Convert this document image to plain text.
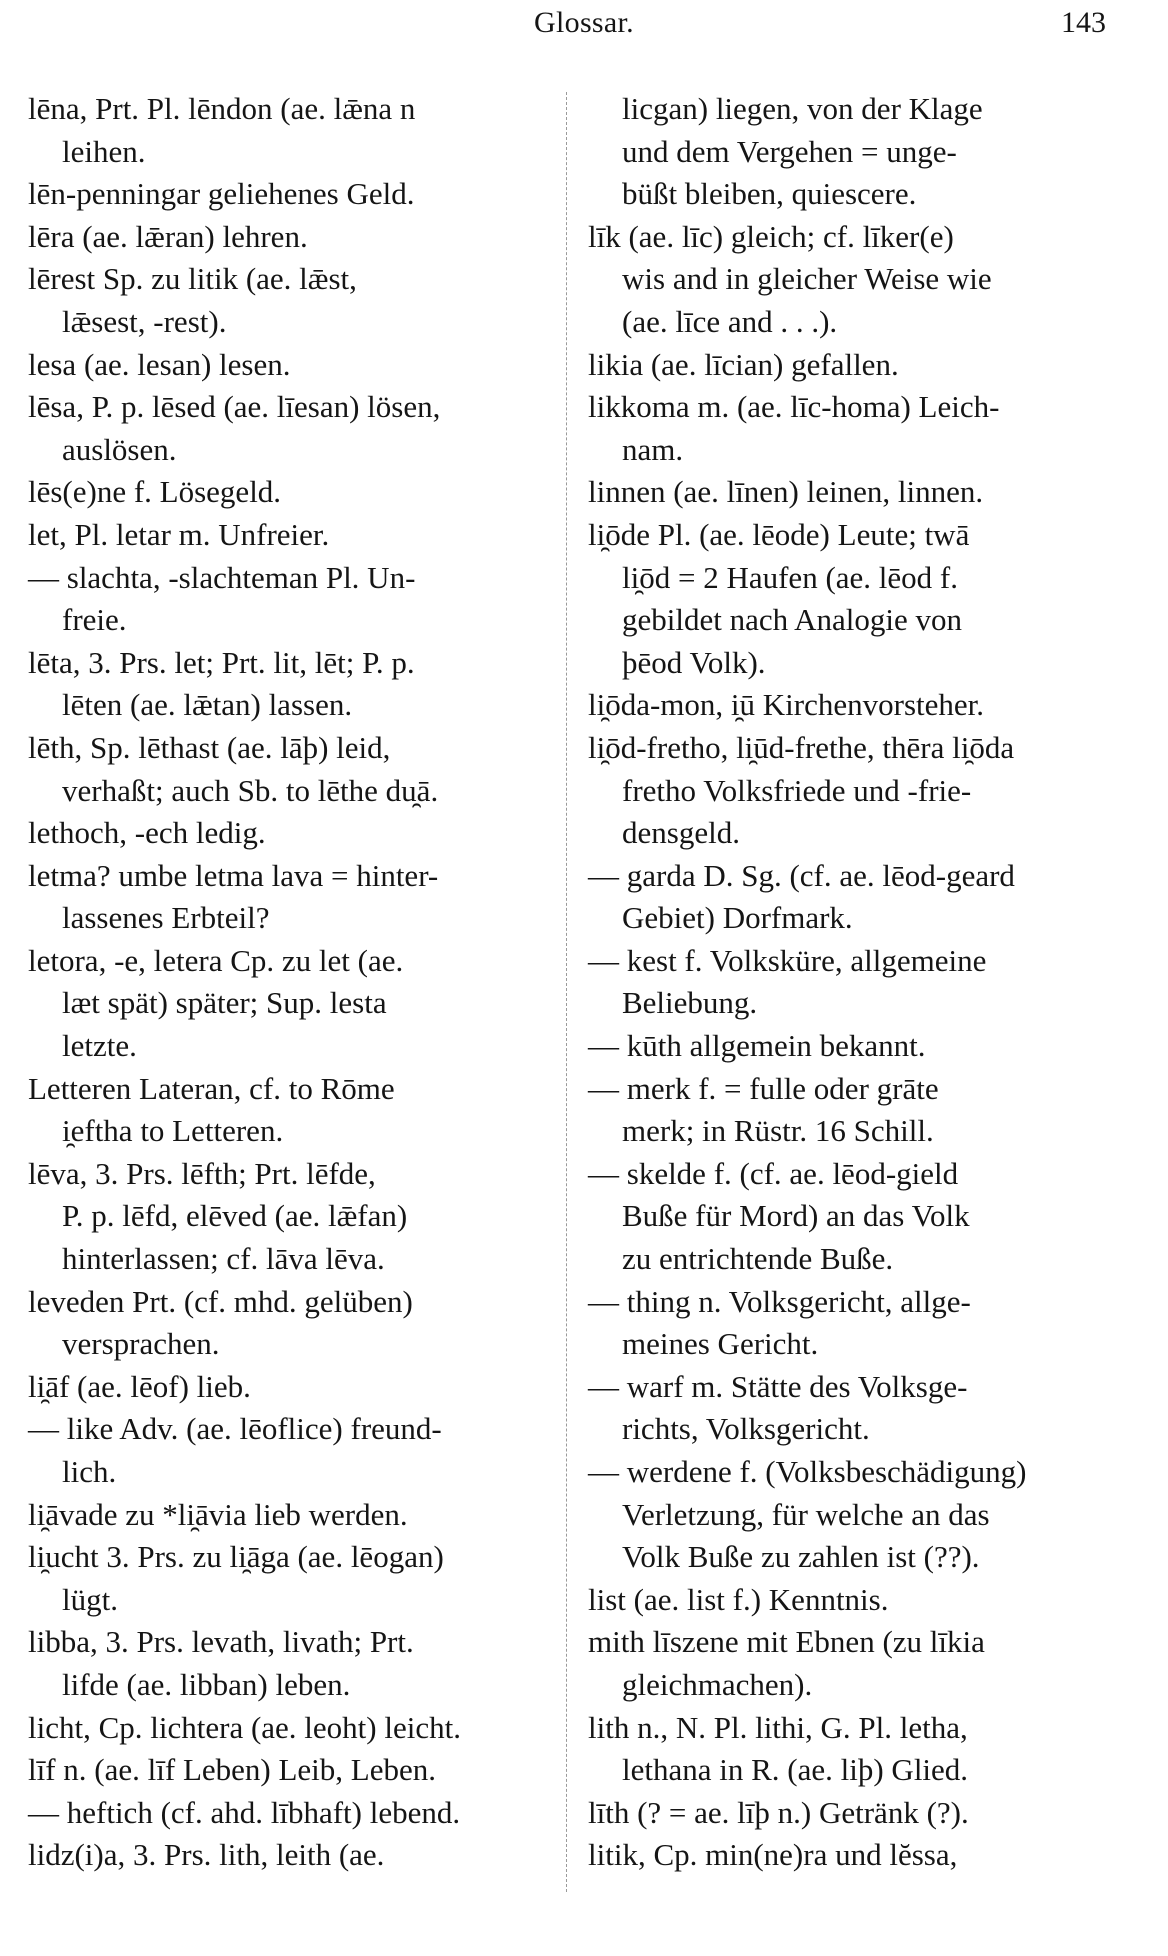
Glossar.	143
lēna, Prt. Pl. lēndon (ae. lǣna n
leihen.
lēn-penningar geliehenes Geld.
lēra (ae. lǣran) lehren.
lērest Sp. zu litik (ae. lǣst,
lǣsest, -rest).
lesa (ae. lesan) lesen.
lēsa, P. p. lēsed (ae. līesan) lösen,
auslösen.
lēs(e)ne f. Lösegeld.
let, Pl. letar m. Unfreier.
— slachta, -slachteman Pl. Un-
freie.
lēta, 3. Prs. let; Prt. lit, lēt; P. p.
lēten (ae. lǣtan) lassen.
lēth, Sp. lēthast (ae. lāþ) leid,
verhaßt; auch Sb. to lēthe du̯ā.
lethoch, -ech ledig.
letma? umbe letma lava = hinter-
lassenes Erbteil?
letora, -e, letera Cp. zu let (ae.
læt spät) später; Sup. lesta
letzte.
Letteren Lateran, cf. to Rōme
i̯eftha to Letteren.
lēva, 3. Prs. lēfth; Prt. lēfde,
P. p. lēfd, elēved (ae. lǣfan)
hinterlassen; cf. lāva lēva.
leveden Prt. (cf. mhd. gelüben)
versprachen.
li̯āf (ae. lēof) lieb.
— like Adv. (ae. lēoflice) freund-
lich.
li̯āvade zu *li̯āvia lieb werden.
li̯ucht 3. Prs. zu li̯āga (ae. lēogan)
lügt.
libba, 3. Prs. levath, livath; Prt.
lifde (ae. libban) leben.
licht, Cp. lichtera (ae. leoht) leicht.
līf n. (ae. līf Leben) Leib, Leben.
— heftich (cf. ahd. lībhaft) lebend.
lidz(i)a, 3. Prs. lith, leith (ae.
licgan) liegen, von der Klage
und dem Vergehen = unge-
büßt bleiben, quiescere.
līk (ae. līc) gleich; cf. līker(e)
wis and in gleicher Weise wie
(ae. līce and . . .).
likia (ae. līcian) gefallen.
likkoma m. (ae. līc-homa) Leich-
nam.
linnen (ae. līnen) leinen, linnen.
li̯ōde Pl. (ae. lēode) Leute; twā
li̯ōd = 2 Haufen (ae. lēod f.
gebildet nach Analogie von
þēod Volk).
li̯ōda-mon, i̯ū Kirchenvorsteher.
li̯ōd-fretho, li̯ūd-frethe, thēra li̯ōda
fretho Volksfriede und -frie-
densgeld.
— garda D. Sg. (cf. ae. lēod-geard
Gebiet) Dorfmark.
— kest f. Volksküre, allgemeine
Beliebung.
— kūth allgemein bekannt.
— merk f. = fulle oder grāte
merk; in Rüstr. 16 Schill.
— skelde f. (cf. ae. lēod-gield
Buße für Mord) an das Volk
zu entrichtende Buße.
— thing n. Volksgericht, allge-
meines Gericht.
— warf m. Stätte des Volksge-
richts, Volksgericht.
— werdene f. (Volksbeschädigung)
Verletzung, für welche an das
Volk Buße zu zahlen ist (??).
list (ae. list f.) Kenntnis.
mith līszene mit Ebnen (zu līkia
gleichmachen).
lith n., N. Pl. lithi, G. Pl. letha,
lethana in R. (ae. liþ) Glied.
līth (? = ae. līþ n.) Getränk (?).
litik, Cp. min(ne)ra und lĕssa,
